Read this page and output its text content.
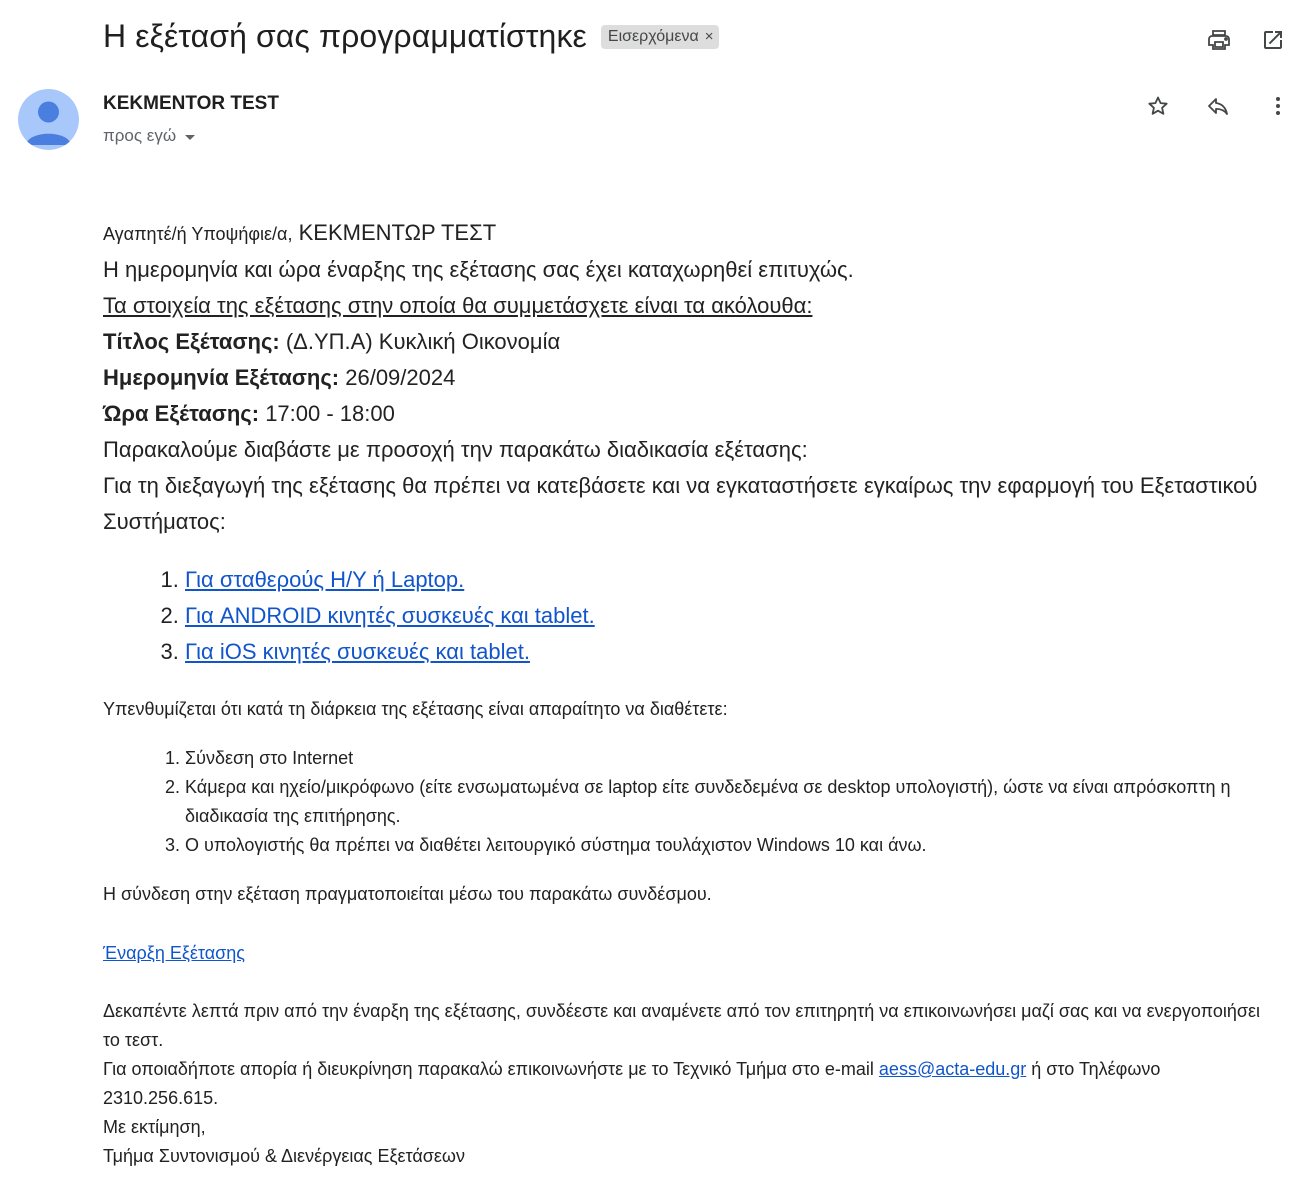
Η εξέτασή σας προγραμματίστηκε Εισερχόμενα ×
KEKMENTOR TEST
προς εγώ
Αγαπητέ/ή Υποψήφιε/α, ΚΕΚΜΕΝΤΩΡ ΤΕΣΤ
Η ημερομηνία και ώρα έναρξης της εξέτασης σας έχει καταχωρηθεί επιτυχώς.
Τα στοιχεία της εξέτασης στην οποία θα συμμετάσχετε είναι τα ακόλουθα:
Τίτλος Εξέτασης: (Δ.ΥΠ.Α) Κυκλική Οικονομία
Ημερομηνία Εξέτασης: 26/09/2024
Ώρα Εξέτασης: 17:00 - 18:00
Παρακαλούμε διαβάστε με προσοχή την παρακάτω διαδικασία εξέτασης:
Για τη διεξαγωγή της εξέτασης θα πρέπει να κατεβάσετε και να εγκαταστήσετε εγκαίρως την εφαρμογή του Εξεταστικού Συστήματος:
1. Για σταθερούς Η/Υ ή Laptop.
2. Για ANDROID κινητές συσκευές και tablet.
3. Για iOS κινητές συσκευές και tablet.
Υπενθυμίζεται ότι κατά τη διάρκεια της εξέτασης είναι απαραίτητο να διαθέτετε:
1. Σύνδεση στο Internet
2. Κάμερα και ηχείο/μικρόφωνο (είτε ενσωματωμένα σε laptop είτε συνδεδεμένα σε desktop υπολογιστή), ώστε να είναι απρόσκοπτη η διαδικασία της επιτήρησης.
3. Ο υπολογιστής θα πρέπει να διαθέτει λειτουργικό σύστημα τουλάχιστον Windows 10 και άνω.
Η σύνδεση στην εξέταση πραγματοποιείται μέσω του παρακάτω συνδέσμου.
Έναρξη Εξέτασης
Δεκαπέντε λεπτά πριν από την έναρξη της εξέτασης, συνδέεστε και αναμένετε από τον επιτηρητή να επικοινωνήσει μαζί σας και να ενεργοποιήσει το τεστ.
Για οποιαδήποτε απορία ή διευκρίνηση παρακαλώ επικοινωνήστε με το Τεχνικό Τμήμα στο e-mail aess@acta-edu.gr ή στο Τηλέφωνο 2310.256.615.
Με εκτίμηση,
Τμήμα Συντονισμού & Διενέργειας Εξετάσεων
